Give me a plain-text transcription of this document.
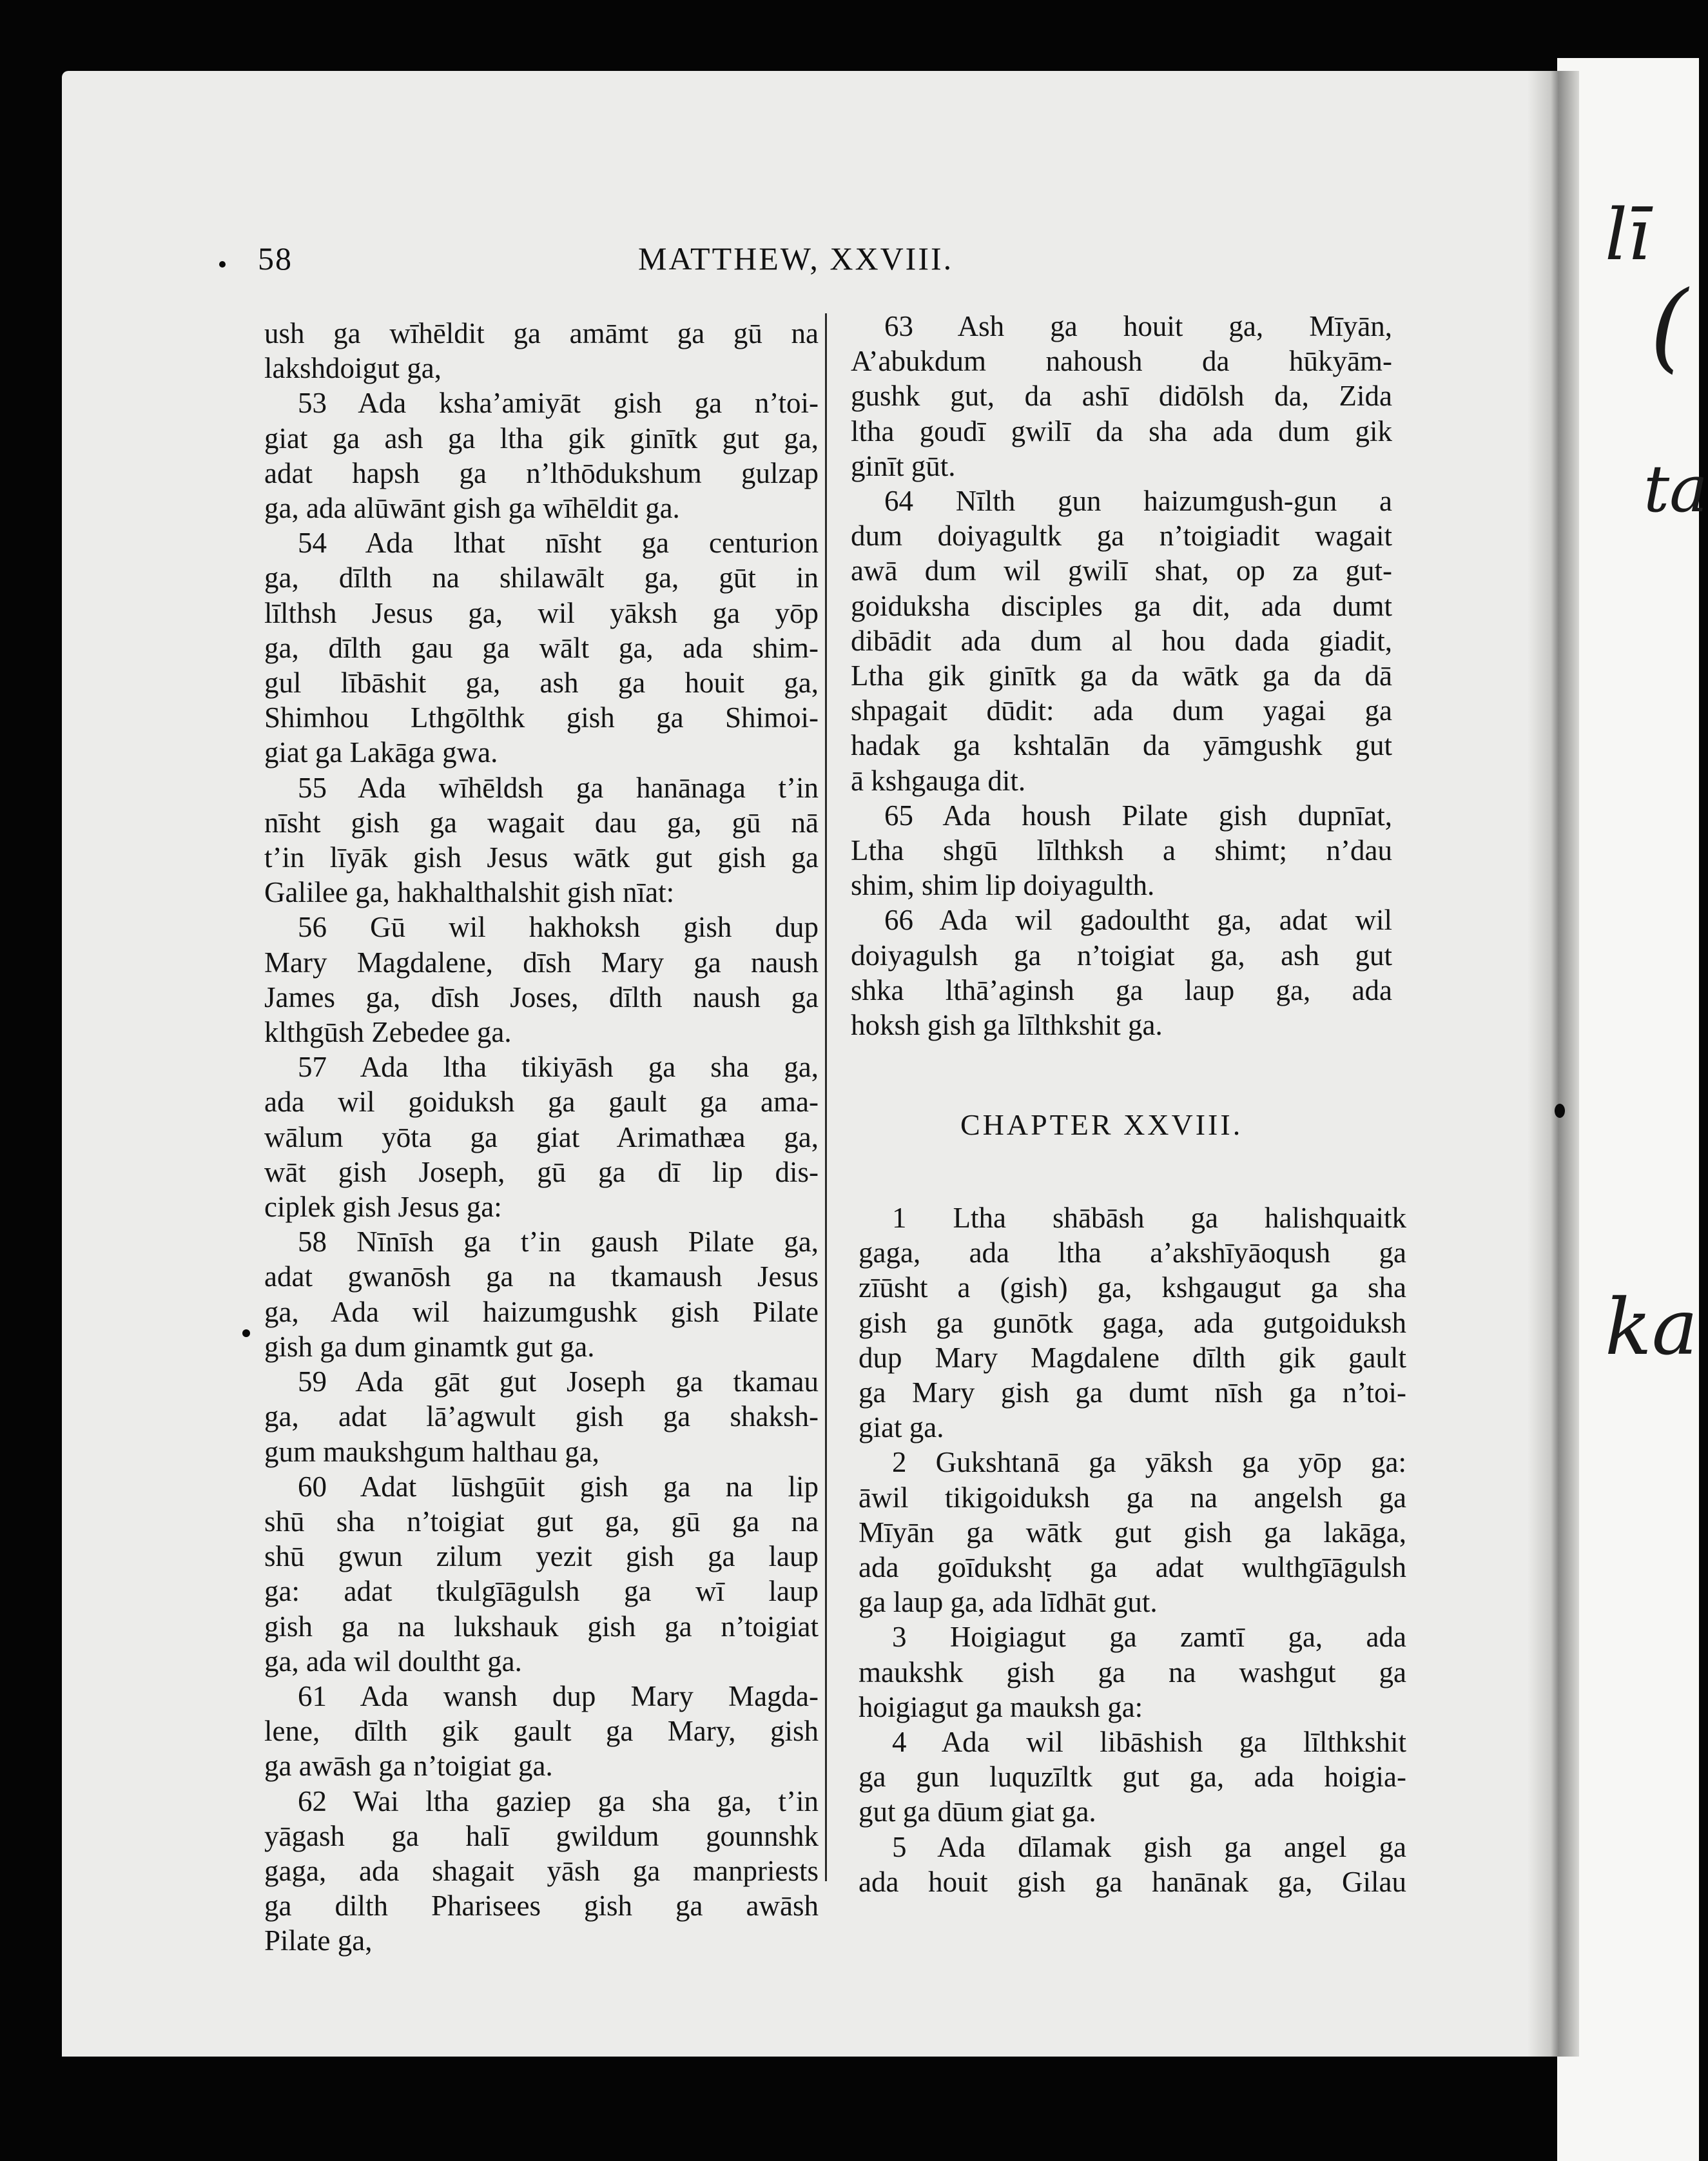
58	MATTHEW, XXVIII.
ush ga wīhēldit ga amāmt ga gū na
lakshdoigut ga,
53 Ada ksha’amiyāt gish ga n’toi-
giat ga ash ga ltha gik ginītk gut ga,
adat hapsh ga n’lthōdukshum gulzap
ga, ada alūwānt gish ga wīhēldit ga.
54 Ada lthat nīsht ga centurion
ga, dīlth na shilawālt ga, gūt in
līlthsh Jesus ga, wil yāksh ga yōp
ga, dīlth gau ga wālt ga, ada shim-
gul lībāshit ga, ash ga houit ga,
Shimhou Lthgōlthk gish ga Shimoi-
giat ga Lakāga gwa.
55 Ada wīhēldsh ga hanānaga t’in
nīsht gish ga wagait dau ga, gū nā
t’in līyāk gish Jesus wātk gut gish ga
Galilee ga, hakhalthalshit gish nīat:
56 Gū wil hakhoksh gish dup
Mary Magdalene, dīsh Mary ga naush
James ga, dīsh Joses, dīlth naush ga
klthgūsh Zebedee ga.
57 Ada ltha tikiyāsh ga sha ga,
ada wil goiduksh ga gault ga ama-
wālum yōta ga giat Arimathæa ga,
wāt gish Joseph, gū ga dī lip dis-
ciplek gish Jesus ga:
58 Nīnīsh ga t’in gaush Pilate ga,
adat gwanōsh ga na tkamaush Jesus
ga, Ada wil haizumgushk gish Pilate
gish ga dum ginamtk gut ga.
59 Ada gāt gut Joseph ga tkamau
ga, adat lā’agwult gish ga shaksh-
gum maukshgum halthau ga,
60 Adat lūshgūit gish ga na lip
shū sha n’toigiat gut ga, gū ga na
shū gwun zilum yezit gish ga laup
ga: adat tkulgīāgulsh ga wī laup
gish ga na lukshauk gish ga n’toigiat
ga, ada wil doultht ga.
61 Ada wansh dup Mary Magda-
lene, dīlth gik gault ga Mary, gish
ga awāsh ga n’toigiat ga.
62 Wai ltha gaziep ga sha ga, t’in
yāgash ga halī gwildum gounnshk
gaga, ada shagait yāsh ga manpriests
ga dilth Pharisees gish ga awāsh
Pilate ga,
63 Ash ga houit ga, Mīyān,
A’abukdum nahoush da hūkyām-
gushk gut, da ashī didōlsh da, Zida
ltha goudī gwilī da sha ada dum gik
ginīt gūt.
64 Nīlth gun haizumgush-gun a
dum doiyagultk ga n’toigiadit wagait
awā dum wil gwilī shat, op za gut-
goiduksha disciples ga dit, ada dumt
dibādit ada dum al hou dada giadit,
Ltha gik ginītk ga da wātk ga da dā
shpagait dūdit: ada dum yagai ga
hadak ga kshtalān da yāmgushk gut
ā kshgauga dit.
65 Ada housh Pilate gish dupnīat,
Ltha shgū līlthksh a shimt; n’dau
shim, shim lip doiyagulth.
66 Ada wil gadoultht ga, adat wil
doiyagulsh ga n’toigiat ga, ash gut
shka lthā’aginsh ga laup ga, ada
hoksh gish ga līlthkshit ga.
CHAPTER XXVIII.
1 Ltha shābāsh ga halishquaitk
gaga, ada ltha a’akshīyāoqush ga
zīūsht a (gish) ga, kshgaugut ga sha
gish ga gunōtk gaga, ada gutgoiduksh
dup Mary Magdalene dīlth gik gault
ga Mary gish ga dumt nīsh ga n’toi-
giat ga.
2 Gukshtanā ga yāksh ga yōp ga:
āwil tikigoiduksh ga na angelsh ga
Mīyān ga wātk gut gish ga lakāga,
ada goīdukshṭ ga adat wulthgīāgulsh
ga laup ga, ada līdhāt gut.
3 Hoigiagut ga zamtī ga, ada
maukshk gish ga na washgut ga
hoigiagut ga mauksh ga:
4 Ada wil libāshish ga līlthkshit
ga gun luquzīltk gut ga, ada hoigia-
gut ga dūum giat ga.
5 Ada dīlamak gish ga angel ga
ada houit gish ga hanānak ga, Gilau
lī
(
ta
ka
